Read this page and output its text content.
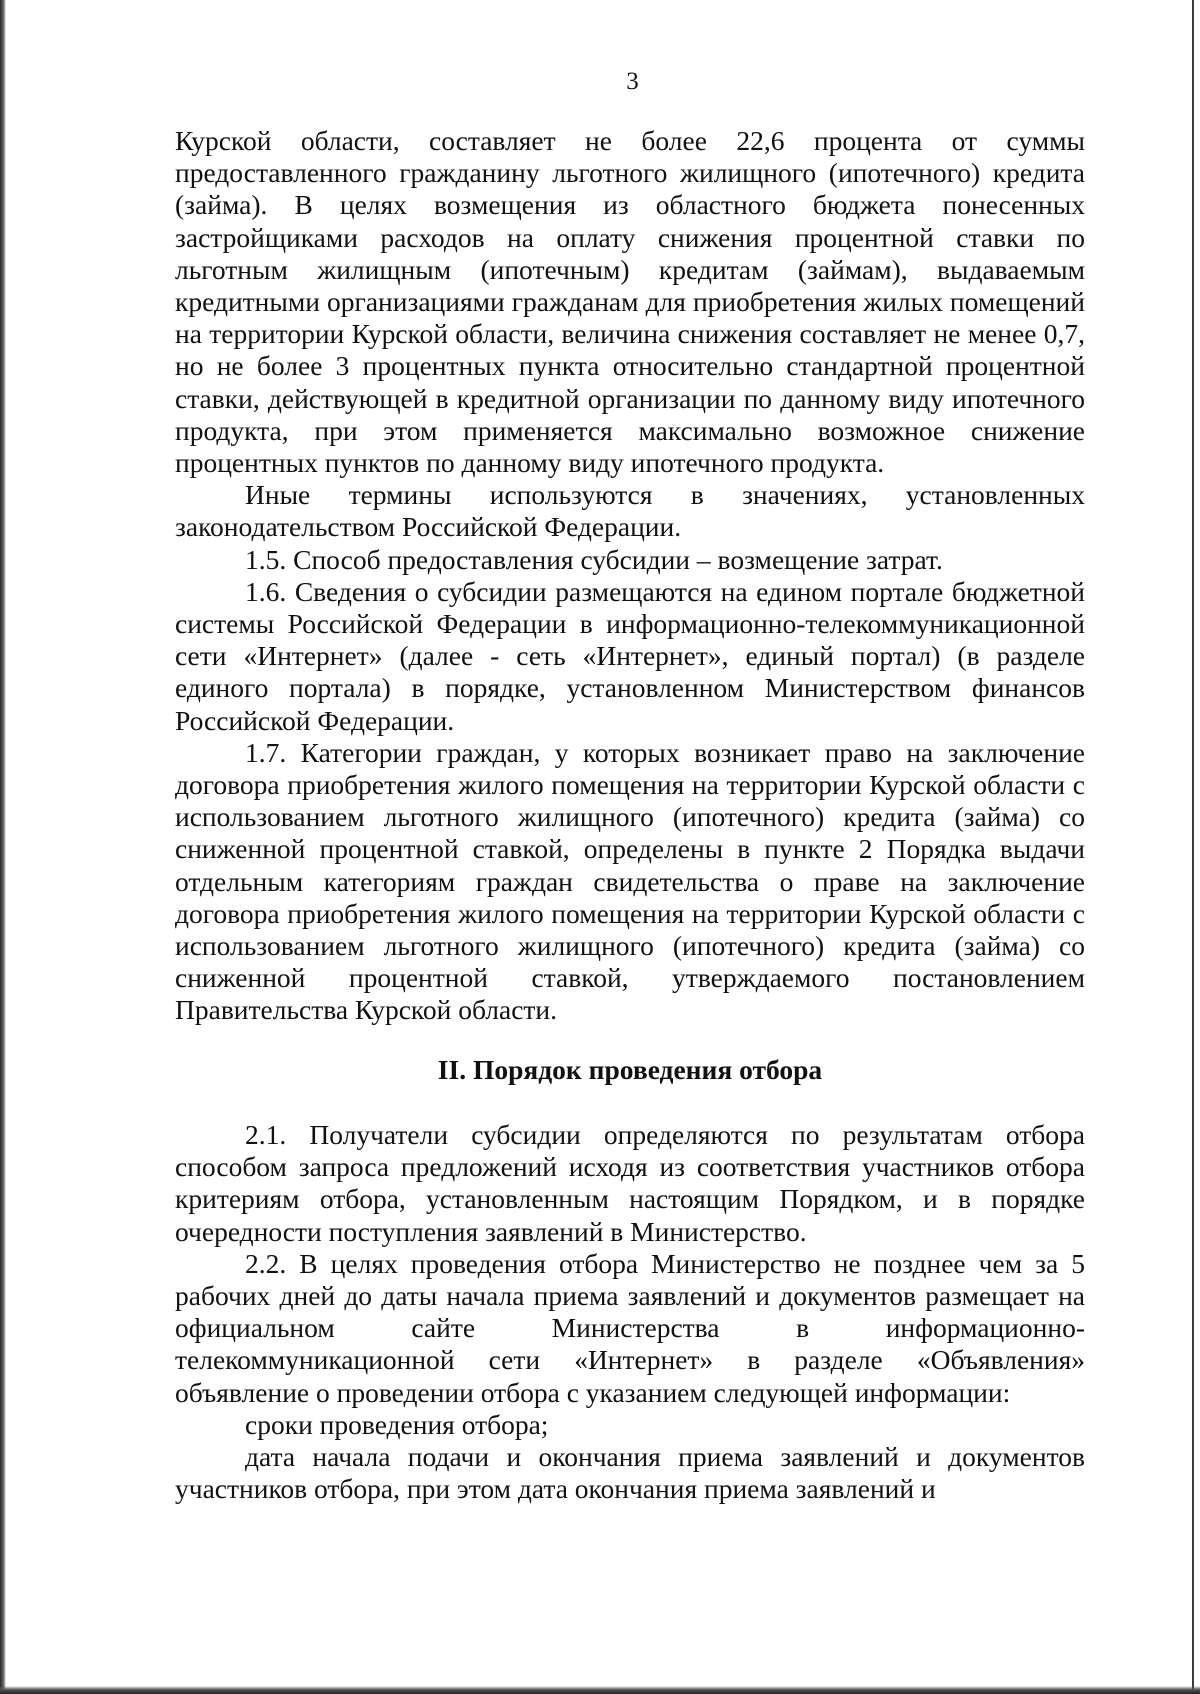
3

Курской области, составляет не более 22,6 процента от суммы предоставленного гражданину льготного жилищного (ипотечного) кредита (займа). В целях возмещения из областного бюджета понесенных застройщиками расходов на оплату снижения процентной ставки по льготным жилищным (ипотечным) кредитам (займам), выдаваемым кредитными организациями гражданам для приобретения жилых помещений на территории Курской области, величина снижения составляет не менее 0,7, но не более 3 процентных пункта относительно стандартной процентной ставки, действующей в кредитной организации по данному виду ипотечного продукта, при этом применяется максимально возможное снижение процентных пунктов по данному виду ипотечного продукта.

Иные термины используются в значениях, установленных законодательством Российской Федерации.

1.5. Способ предоставления субсидии – возмещение затрат.

1.6. Сведения о субсидии размещаются на едином портале бюджетной системы Российской Федерации в информационно-телекоммуникационной сети «Интернет» (далее - сеть «Интернет», единый портал) (в разделе единого портала) в порядке, установленном Министерством финансов Российской Федерации.

1.7. Категории граждан, у которых возникает право на заключение договора приобретения жилого помещения на территории Курской области с использованием льготного жилищного (ипотечного) кредита (займа) со сниженной процентной ставкой, определены в пункте 2 Порядка выдачи отдельным категориям граждан свидетельства о праве на заключение договора приобретения жилого помещения на территории Курской области с использованием льготного жилищного (ипотечного) кредита (займа) со сниженной процентной ставкой, утверждаемого постановлением Правительства Курской области.

II. Порядок проведения отбора

2.1. Получатели субсидии определяются по результатам отбора способом запроса предложений исходя из соответствия участников отбора критериям отбора, установленным настоящим Порядком, и в порядке очередности поступления заявлений в Министерство.

2.2. В целях проведения отбора Министерство не позднее чем за 5 рабочих дней до даты начала приема заявлений и документов размещает на официальном сайте Министерства в информационно-телекоммуникационной сети «Интернет» в разделе «Объявления» объявление о проведении отбора с указанием следующей информации:

сроки проведения отбора;

дата начала подачи и окончания приема заявлений и документов участников отбора, при этом дата окончания приема заявлений и
